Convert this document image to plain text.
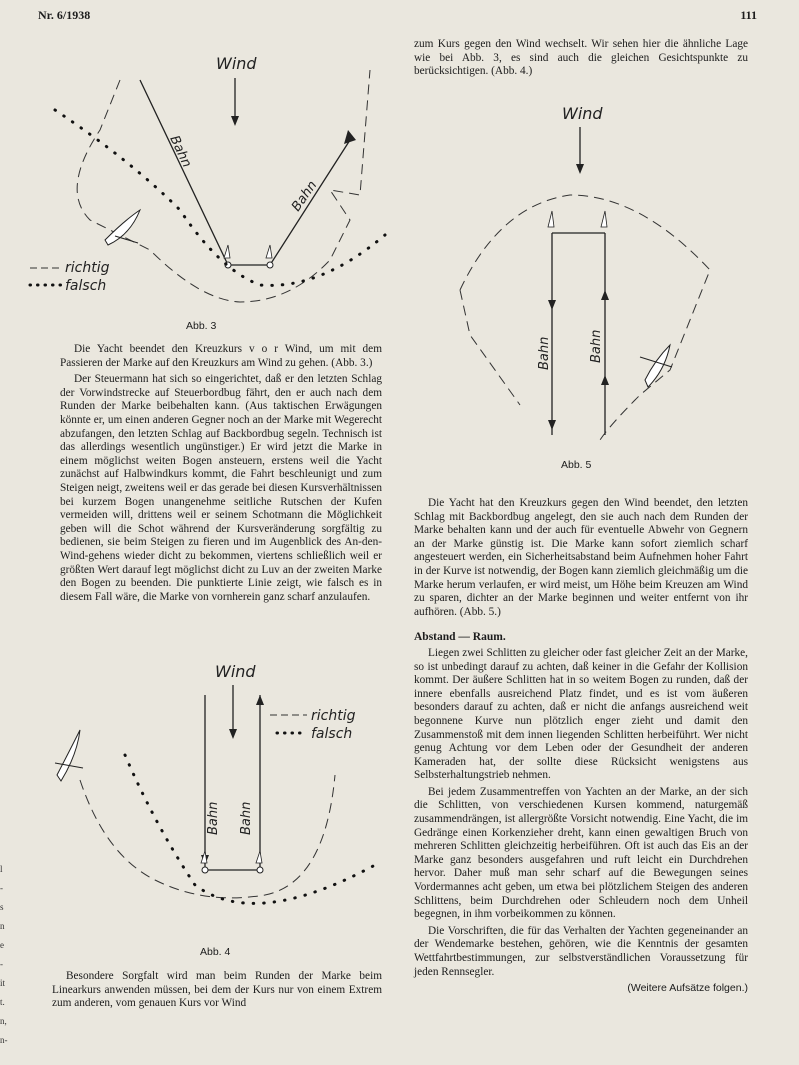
Nr. 6/1938	111
Wind
Bahn
Bahn
richtig
falsch
Abb. 3

Die Yacht beendet den Kreuzkurs v o r Wind, um mit dem Passieren der Marke auf den Kreuzkurs am Wind zu gehen. (Abb. 3.)

Der Steuermann hat sich so eingerichtet, daß er den letzten Schlag der Vorwindstrecke auf Steuerbordbug fährt, den er auch nach dem Runden der Marke beibehalten kann. (Aus taktischen Erwägungen könnte er, um einen anderen Gegner noch an der Marke mit Wegerecht abzufangen, den letzten Schlag auf Backbordbug segeln. Technisch ist das allerdings wesentlich ungünstiger.) Er wird jetzt die Marke in einem möglichst weiten Bogen ansteuern, erstens weil die Yacht zunächst auf Halbwindkurs kommt, die Fahrt beschleunigt und zum Steigen neigt, zweitens weil er das gerade bei diesen Kursverhältnissen bei kurzem Bogen unangenehme seitliche Rutschen der Kufen vermeiden will, drittens weil er seinem Schotmann die Möglichkeit geben will die Schot während der Kursveränderung sorgfältig zu bedienen, sie beim Steigen zu fieren und im Augenblick des An-den-Wind-gehens wieder dicht zu bekommen, viertens schließlich weil er größten Wert darauf legt möglichst dicht zu Luv an der zweiten Marke den Bogen zu beenden. Die punktierte Linie zeigt, wie falsch es in diesem Fall wäre, die Marke von vornherein ganz scharf anzulaufen.

Wind
Bahn Bahn
richtig
falsch
Abb. 4

Besondere Sorgfalt wird man beim Runden der Marke beim Linearkurs anwenden müssen, bei dem der Kurs nur von einem Extrem zum anderen, vom genauen Kurs vor Wind

zum Kurs gegen den Wind wechselt. Wir sehen hier die ähnliche Lage wie bei Abb. 3, es sind auch die gleichen Gesichtspunkte zu berücksichtigen. (Abb. 4.)

Wind
Bahn	Bahn
Abb. 5

Die Yacht hat den Kreuzkurs gegen den Wind beendet, den letzten Schlag mit Backbordbug angelegt, den sie auch nach dem Runden der Marke behalten kann und der auch für eventuelle Abwehr von Gegnern an der Marke günstig ist. Die Marke kann sofort ziemlich scharf angesteuert werden, ein Sicherheitsabstand beim Aufnehmen hoher Fahrt in der Kurve ist notwendig, der Bogen kann ziemlich gleichmäßig um die Marke herum verlaufen, er wird meist, um Höhe beim Kreuzen am Wind zu sparen, dichter an der Marke beginnen und weiter entfernt von ihr aufhören. (Abb. 5.)

Abstand — Raum.

Liegen zwei Schlitten zu gleicher oder fast gleicher Zeit an der Marke, so ist unbedingt darauf zu achten, daß keiner in die Gefahr der Kollision kommt. Der äußere Schlitten hat in so weitem Bogen zu runden, daß der innere ebenfalls ausreichend Platz findet, und es ist vom äußeren besonders darauf zu achten, daß er nicht die anfangs ausreichend weit begonnene Kurve nun plötzlich enger zieht und damit den Zusammenstoß mit dem innen liegenden Schlitten herbeiführt. Wer nicht genug Achtung vor dem Leben oder der Gesundheit der anderen Kameraden hat, der sollte diese Rücksicht wenigstens aus Selbsterhaltungstrieb nehmen.

Bei jedem Zusammentreffen von Yachten an der Marke, an der sich die Schlitten, von verschiedenen Kursen kommend, naturgemäß zusammendrängen, ist allergrößte Vorsicht notwendig. Eine Yacht, die im Gedränge einen Korkenzieher dreht, kann einen gewaltigen Bruch von mehreren Schlitten gleichzeitig herbeiführen. Oft ist auch das Eis an der Marke ganz besonders ausgefahren und ruft leicht ein Durchdrehen hervor. Daher muß man sehr scharf auf die Bewegungen seines Vordermannes acht geben, um etwa bei plötzlichem Steigen des anderen Schlittens, beim Durchdrehen oder Schleudern noch dem Unheil begegnen, in ihm vorbeikommen zu können.

Die Vorschriften, die für das Verhalten der Yachten gegeneinander an der Wendemarke bestehen, gehören, wie die Kenntnis der gesamten Wettfahrtbestimmungen, zur selbstverständlichen Voraussetzung für jeden Rennsegler.

(Weitere Aufsätze folgen.)
l
-
s
n
e
-
it
t.
n,
n-
